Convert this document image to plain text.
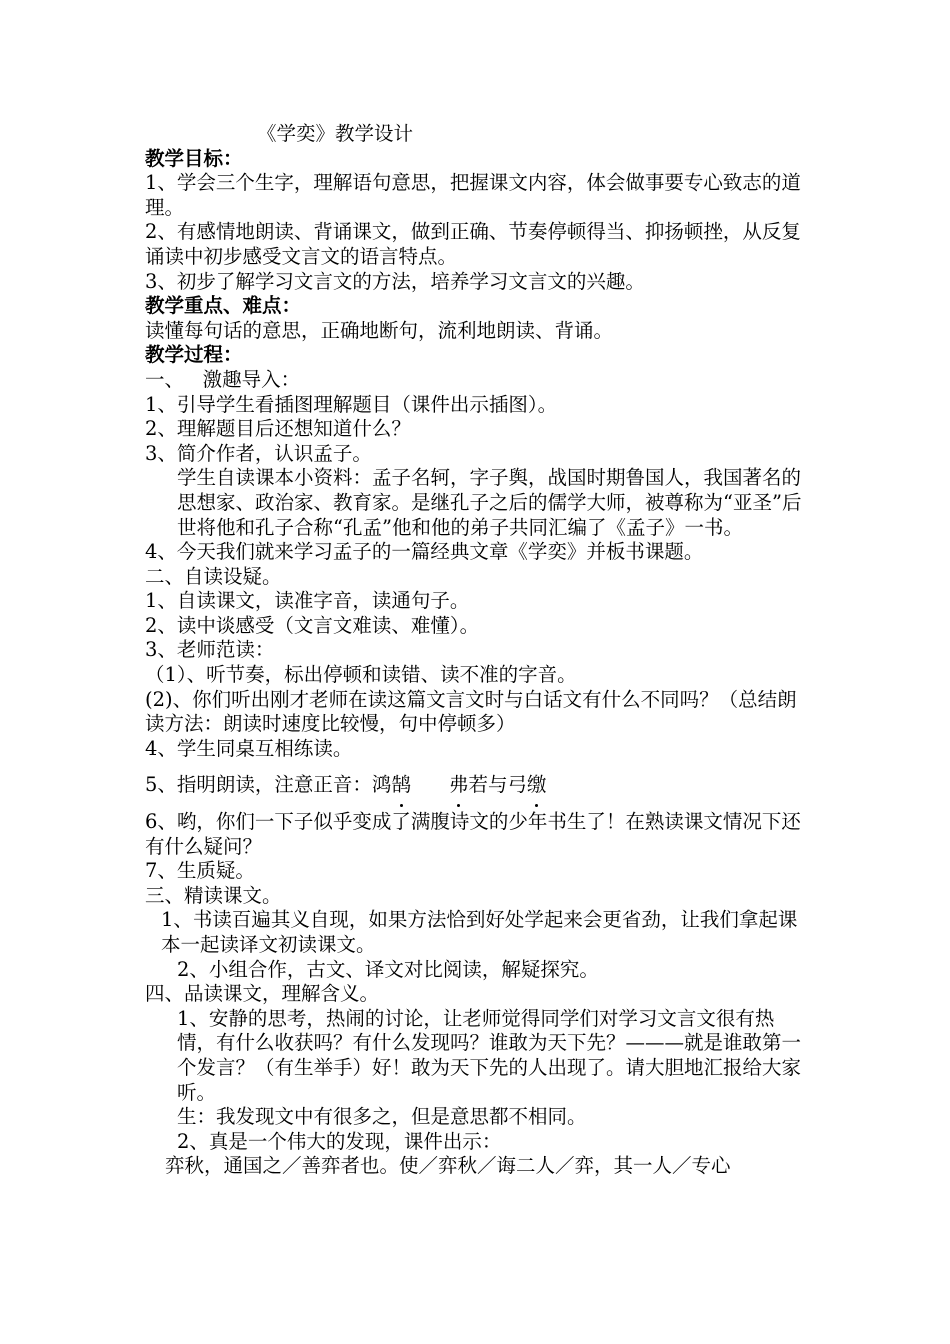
《学奕》教学设计

教学目标：

1、学会三个生字，理解语句意思，把握课文内容，体会做事要专心致志的道理。

2、有感情地朗读、背诵课文，做到正确、节奏停顿得当、抑扬顿挫，从反复诵读中初步感受文言文的语言特点。

3、初步了解学习文言文的方法，培养学习文言文的兴趣。

教学重点、难点：

读懂每句话的意思，正确地断句，流利地朗读、背诵。

教学过程：

一、   激趣导入：

1、引导学生看插图理解题目（课件出示插图）。

2、理解题目后还想知道什么？

3、简介作者，认识孟子。

学生自读课本小资料：孟子名轲，字子舆，战国时期鲁国人，我国著名的思想家、政治家、教育家。是继孔子之后的儒学大师，被尊称为“亚圣”后世将他和孔子合称“孔孟”他和他的弟子共同汇编了《孟子》一书。

4、今天我们就来学习孟子的一篇经典文章《学奕》并板书课题。

二、自读设疑。

1、自读课文，读准字音，读通句子。

2、读中谈感受（文言文难读、难懂）。

3、老师范读：

（1）、听节奏，标出停顿和读错、读不准的字音。

(2)、你们听出刚才老师在读这篇文言文时与白话文有什么不同吗？（总结朗读方法：朗读时速度比较慢，句中停顿多）

4、学生同桌互相练读。

5、指明朗读，注意正音：鸿鹄 弗若与弓缴

6、哟，你们一下子似乎变成了满腹诗文的少年书生了！在熟读课文情况下还有什么疑问？

7、生质疑。

三、精读课文。

1、书读百遍其义自现，如果方法恰到好处学起来会更省劲，让我们拿起课本一起读译文初读课文。

2、小组合作，古文、译文对比阅读，解疑探究。

四、品读课文，理解含义。

1、安静的思考，热闹的讨论，让老师觉得同学们对学习文言文很有热情，有什么收获吗？有什么发现吗？谁敢为天下先？———就是谁敢第一个发言？（有生举手）好！敢为天下先的人出现了。请大胆地汇报给大家听。

生：我发现文中有很多之，但是意思都不相同。

2、真是一个伟大的发现，课件出示：

弈秋，通国之／善弈者也。使／弈秋／诲二人／弈，其一人／专心
